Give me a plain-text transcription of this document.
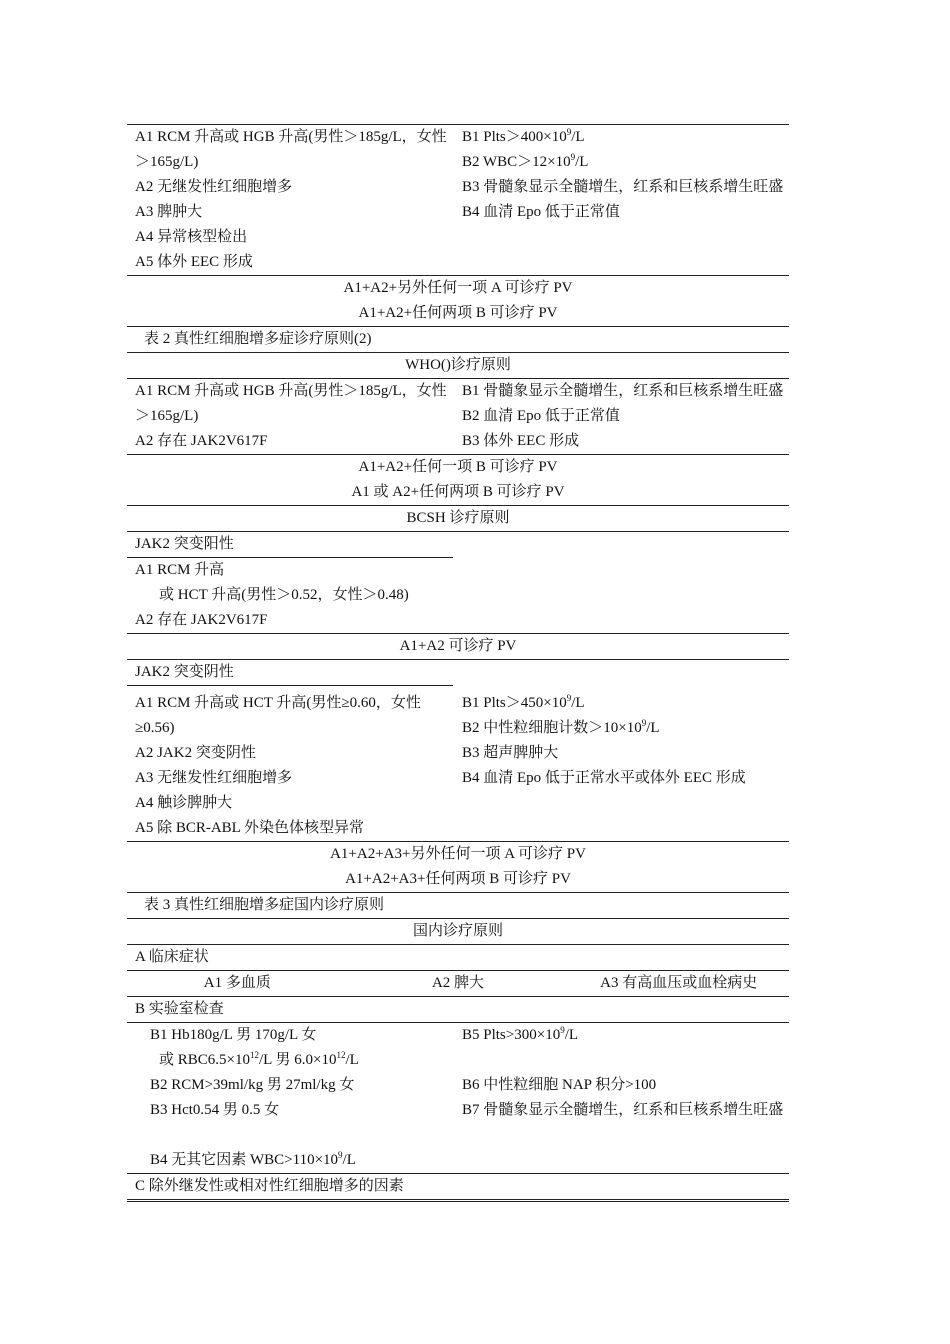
A1 RCM 升高或 HGB 升高(男性＞185g/L，女性＞165g/L)
A2 无继发性红细胞增多
A3 脾肿大
A4 异常核型检出
A5 体外 EEC 形成
B1 $Plts>400\times 10^9/L$
B2 $WBC>12\times 10^9/L$
B3 骨髓象显示全髓增生，红系和巨核系增生旺盛
B4 血清 Epo 低于正常值
A1+A2+另外任何一项 A 可诊疗 PV
A1+A2+任何两项 B 可诊疗 PV
表 2 真性红细胞增多症诊疗原则(2)
WHO()诊疗原则
A1 RCM 升高或 HGB 升高(男性＞185g/L，女性＞165g/L)
A2 存在 JAK2V617F
B1 骨髓象显示全髓增生，红系和巨核系增生旺盛
B2 血清 Epo 低于正常值
B3 体外 EEC 形成
A1+A2+任何一项 B 可诊疗 PV
A1 或 A2+任何两项 B 可诊疗 PV
BCSH 诊疗原则
JAK2 突变阳性
A1 RCM 升高
或 HCT 升高(男性＞0.52，女性＞0.48)
A2 存在 JAK2V617F
A1+A2 可诊疗 PV
JAK2 突变阴性
A1 RCM 升高或 HCT 升高(男性≥0.60，女性≥0.56)
A2 JAK2 突变阴性
A3 无继发性红细胞增多
A4 触诊脾肿大
A5 除 BCR-ABL 外染色体核型异常
B1 $Plts>450\times 10^9/L$
B2 中性粒细胞计数$>10\times 10^9/L$
B3 超声脾肿大
B4 血清 Epo 低于正常水平或体外 EEC 形成
A1+A2+A3+另外任何一项 A 可诊疗 PV
A1+A2+A3+任何两项 B 可诊疗 PV
表 3 真性红细胞增多症国内诊疗原则
国内诊疗原则
A 临床症状
A1 多血质	A2 脾大	A3 有高血压或血栓病史
B 实验室检查
B1 Hb180g/L 男 170g/L 女
或 $RBC6.5\times 10^{12}/L$ 男 $6.0\times 10^{12}/L$
B2 RCM>39ml/kg 男 27ml/kg 女
B3 Hct0.54 男 0.5 女
B4 无其它因素 $WBC>110\times 10^9/L$
B5 $Plts>300\times 10^9/L$
B6 中性粒细胞 NAP 积分>100
B7 骨髓象显示全髓增生，红系和巨核系增生旺盛
C 除外继发性或相对性红细胞增多的因素
